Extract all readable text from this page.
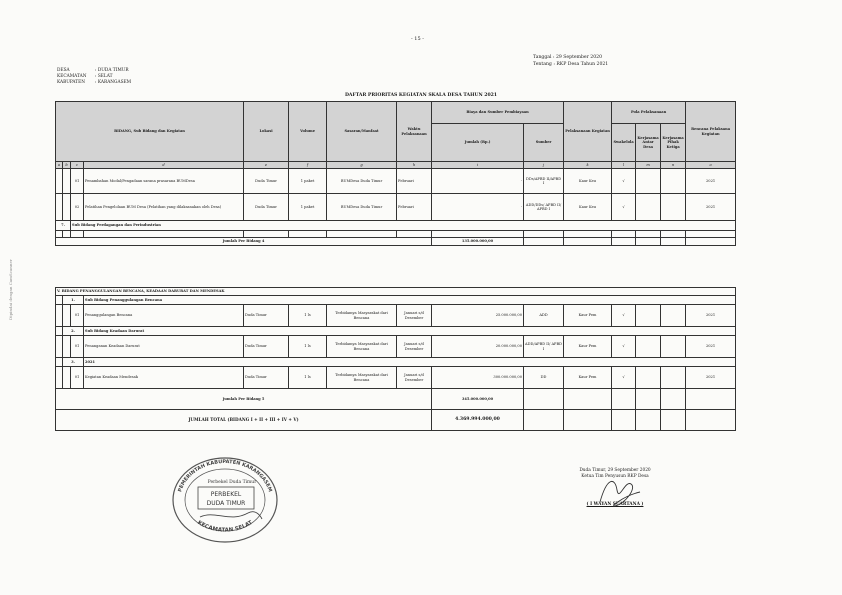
- 15 -
Tanggal : 29 September 2020
Tentang : RKP Desa Tahun 2021
DESA	: DUDA TIMUR
KECAMATAN : SELAT
KABUPATEN : KARANGASEM
DAFTAR PRIORITAS KEGIATAN SKALA DESA TAHUN 2021
BIDANG, Sub Bidang dan Kegiatan				Lokasi	Volume	Sasaran/Manfaat	Waktu Pelaksanaan	Biaya dan Sumber Pembiayaan		Pelaksanaan Kegiatan	Pola Pelaksanaan			Rencana Pelaksana Kegiatan
								Jumlah (Rp.)	Sumber		Swakelola	Kerjasama Antar Desa	Kerjasama Pihak Ketiga	
a	b	c	d	e	f	g	h	i	j	k	l	m	n	o
		01	Penambahan Modal/Pengadaan sarana prasarana BUMDesa	Duda Timur	1 paket	BUMDesa Duda Timur	Februari	-	DDs/APBD II/APBD I	Kaur Keu	√			2021
		02	Pelatihan Pengelolaan BUM Desa (Pelatihan yang dilaksanakan oleh Desa)	Duda Timur	1 paket	BUMDesa Duda Timur	Februari	-	ADD/DDs/ APBD II/ APBD I	Kaur Keu	√			2021
7.		Sub Bidang Perdagangan dan Perindustrian												

Jumlah Per Bidang 4								135.000.000,00						
V. BIDANG PENANGGULANGAN BENCANA, KEADAAN DARURAT DAN MENDESAK														
	1.		Sub Bidang Penanggulangan Bencana											
		01	Penanggulangan Bencana	Duda Timur	1 ls	Terbidamya Masyarakat dari Bencana	Januari s/d Desember	25.000.000,00	ADD	Kaur Pem	√			2021
	2.		Sub Bidang Keadaan Darurat											
		01	Penanganan Keadaan Darurat	Duda Timur	1 ls	Terbidamya Masyarakat dari Bencana	Januari s/d Desember	20.000.000,00	ADD/APBD II/ APBD I	Kaur Pem	√			2021
	3.		2021											
		01	Kegiatan Keadaan Mendesak	Duda Timur	1 ls	Terbidamya Masyarakat dari Bencana	Januari s/d Desember	300.000.000,00	DD	Kaur Pem	√			2021
Jumlah Per Bidang 5								345.000.000,00						
JUMLAH TOTAL (BIDANG I + II + III + IV + V)								4.369.994.000,00						
PEMERINTAH KABUPATEN KARANGASEM
KECAMATAN SELAT
Perbekel Duda Timur
PERBEKEL
DUDA TIMUR
Duda Timur, 29 September 2020
Ketua Tim Penyusun RKP Desa
( I WAYAN SUARTANA )
Dipindai dengan CamScanner
